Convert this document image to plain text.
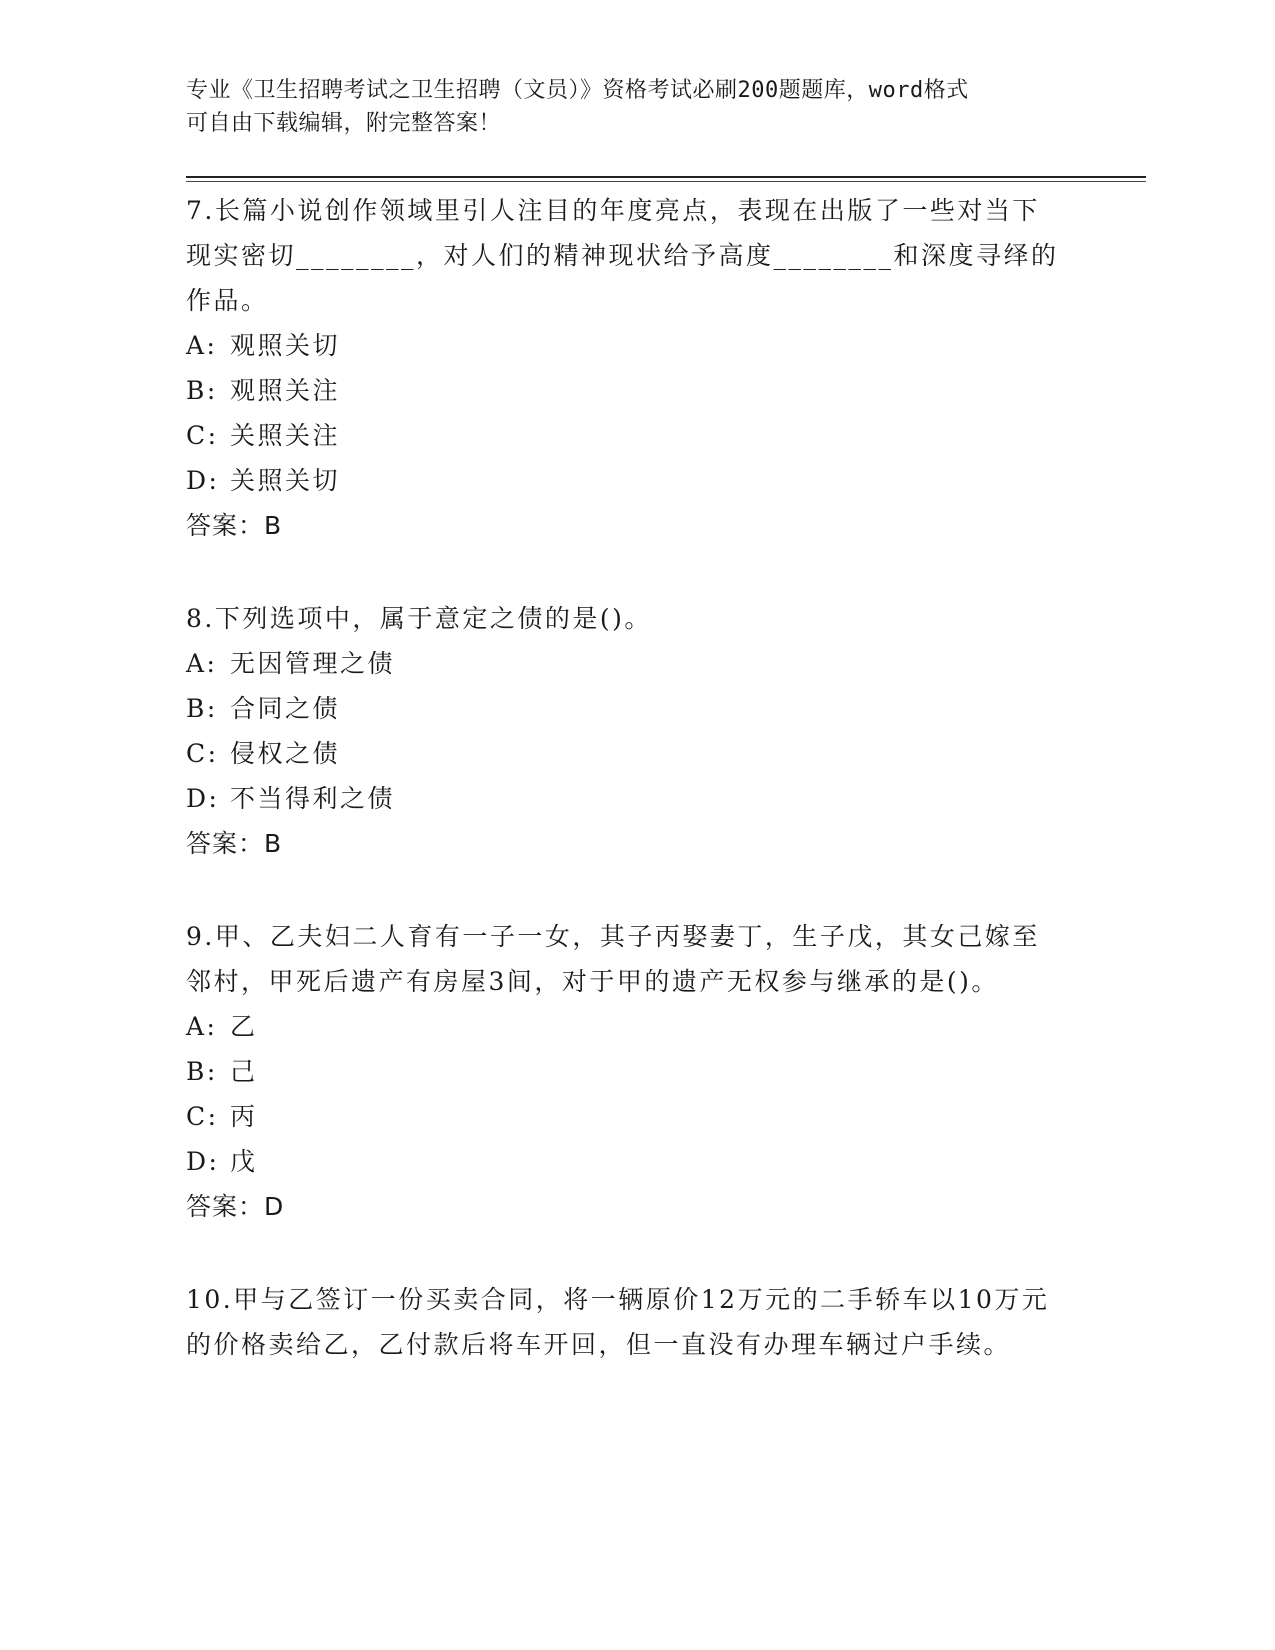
专业《卫生招聘考试之卫生招聘（文员）》资格考试必刷200题题库，word格式
可自由下载编辑，附完整答案！

7.长篇小说创作领域里引人注目的年度亮点，表现在出版了一些对当下现实密切________，对人们的精神现状给予高度________和深度寻绎的作品。

A: 观照关切

B: 观照关注

C: 关照关注

D: 关照关切

答案：B

8.下列选项中，属于意定之债的是()。

A: 无因管理之债

B: 合同之债

C: 侵权之债

D: 不当得利之债

答案：B

9.甲、乙夫妇二人育有一子一女，其子丙娶妻丁，生子戊，其女己嫁至邻村，甲死后遗产有房屋3间，对于甲的遗产无权参与继承的是()。

A: 乙

B: 己

C: 丙

D: 戊

答案：D

10.甲与乙签订一份买卖合同，将一辆原价12万元的二手轿车以10万元的价格卖给乙，乙付款后将车开回，但一直没有办理车辆过户手续。
